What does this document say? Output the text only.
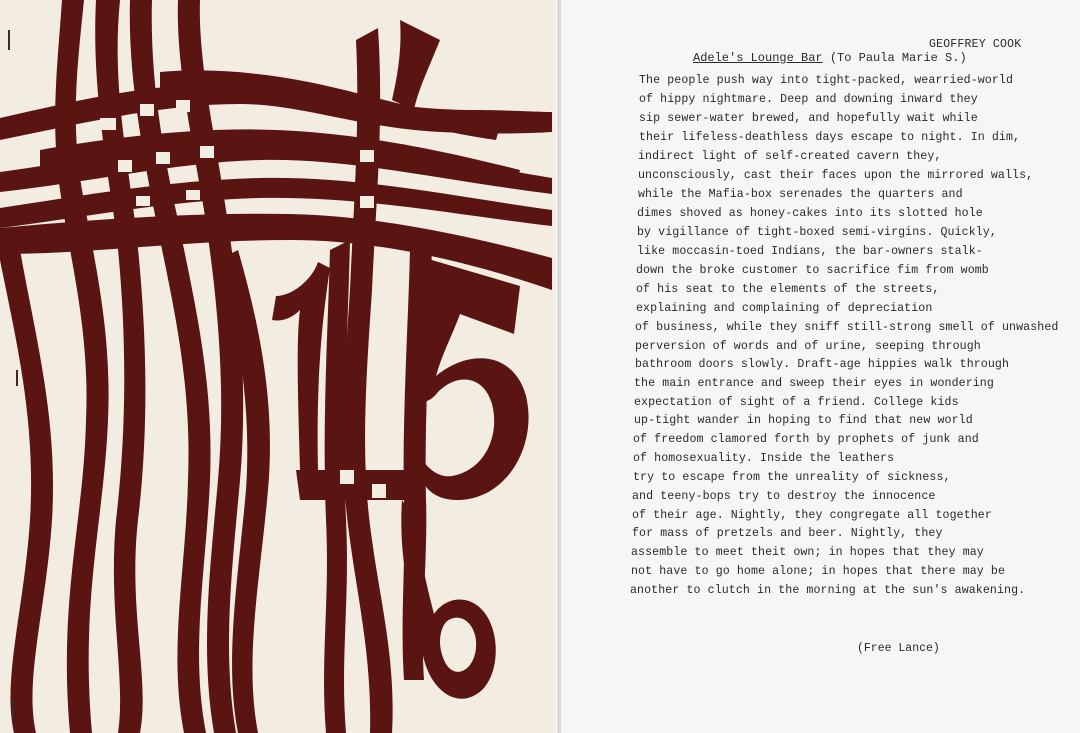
GEOFFREY COOK
Adele's Lounge Bar (To Paula Marie S.)
The people push way into tight-packed, wearried-world
of hippy nightmare. Deep and downing inward they
sip sewer-water brewed, and hopefully wait while
their lifeless-deathless days escape to night. In dim,
indirect light of self-created cavern they,
unconsciously, cast their faces upon the mirrored walls,
while the Mafia-box serenades the quarters and
dimes shoved as honey-cakes into its slotted hole
by vigillance of tight-boxed semi-virgins. Quickly,
like moccasin-toed Indians, the bar-owners stalk-
down the broke customer to sacrifice fim from womb
of his seat to the elements of the streets,
explaining and complaining of depreciation
of business, while they sniff still-strong smell of unwashed
perversion of words and of urine, seeping through
bathroom doors slowly. Draft-age hippies walk through
the main entrance and sweep their eyes in wondering
expectation of sight of a friend. College kids
up-tight wander in hoping to find that new world
of freedom clamored forth by prophets of junk and
of homosexuality. Inside the leathers
try to escape from the unreality of sickness,
and teeny-bops try to destroy the innocence
of their age. Nightly, they congregate all together
for mass of pretzels and beer. Nightly, they
assemble to meet theit own; in hopes that they may
not have to go home alone; in hopes that there may be
another to clutch in the morning at the sun's awakening.
(Free Lance)
